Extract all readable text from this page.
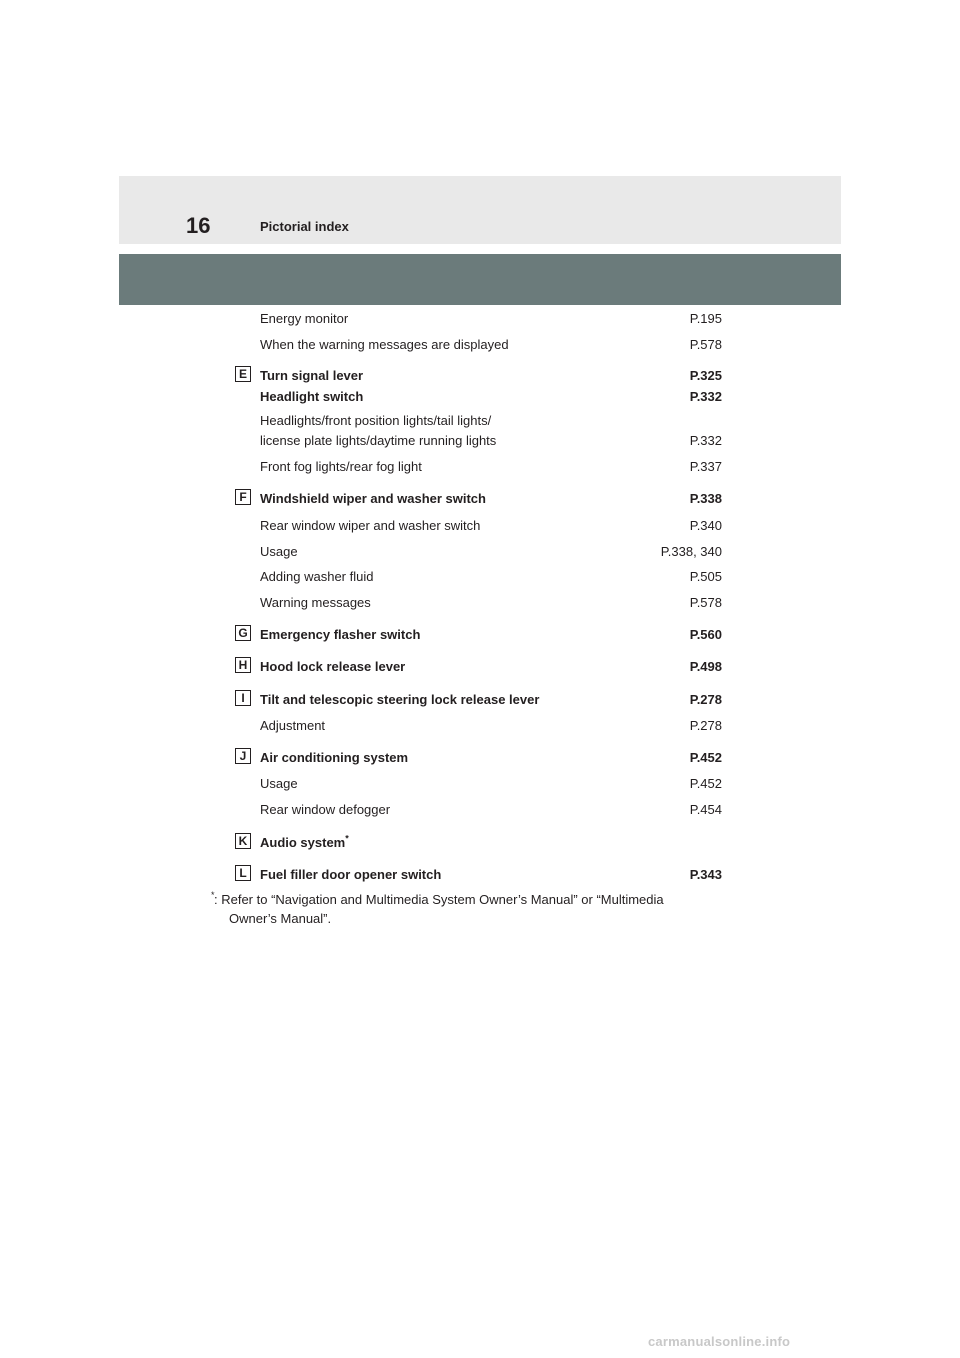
16	Pictorial index
Energy monitor	P.195
When the warning messages are displayed	P.578
E	Turn signal lever	P.325
Headlight switch	P.332
Headlights/front position lights/tail lights/
license plate lights/daytime running lights	P.332
Front fog lights/rear fog light	P.337
F	Windshield wiper and washer switch	P.338
Rear window wiper and washer switch	P.340
Usage	P.338, 340
Adding washer fluid	P.505
Warning messages	P.578
G Emergency flasher switch	P.560
H Hood lock release lever	P.498
I	Tilt and telescopic steering lock release lever	P.278
Adjustment	P.278
J	Air conditioning system	P.452
Usage	P.452
Rear window defogger	P.454
K Audio system*
L	Fuel filler door opener switch	P.343
* : Refer to “Navigation and Multimedia System Owner’s Manual” or “Multimedia
Owner’s Manual”.
carmanualsonline.info
